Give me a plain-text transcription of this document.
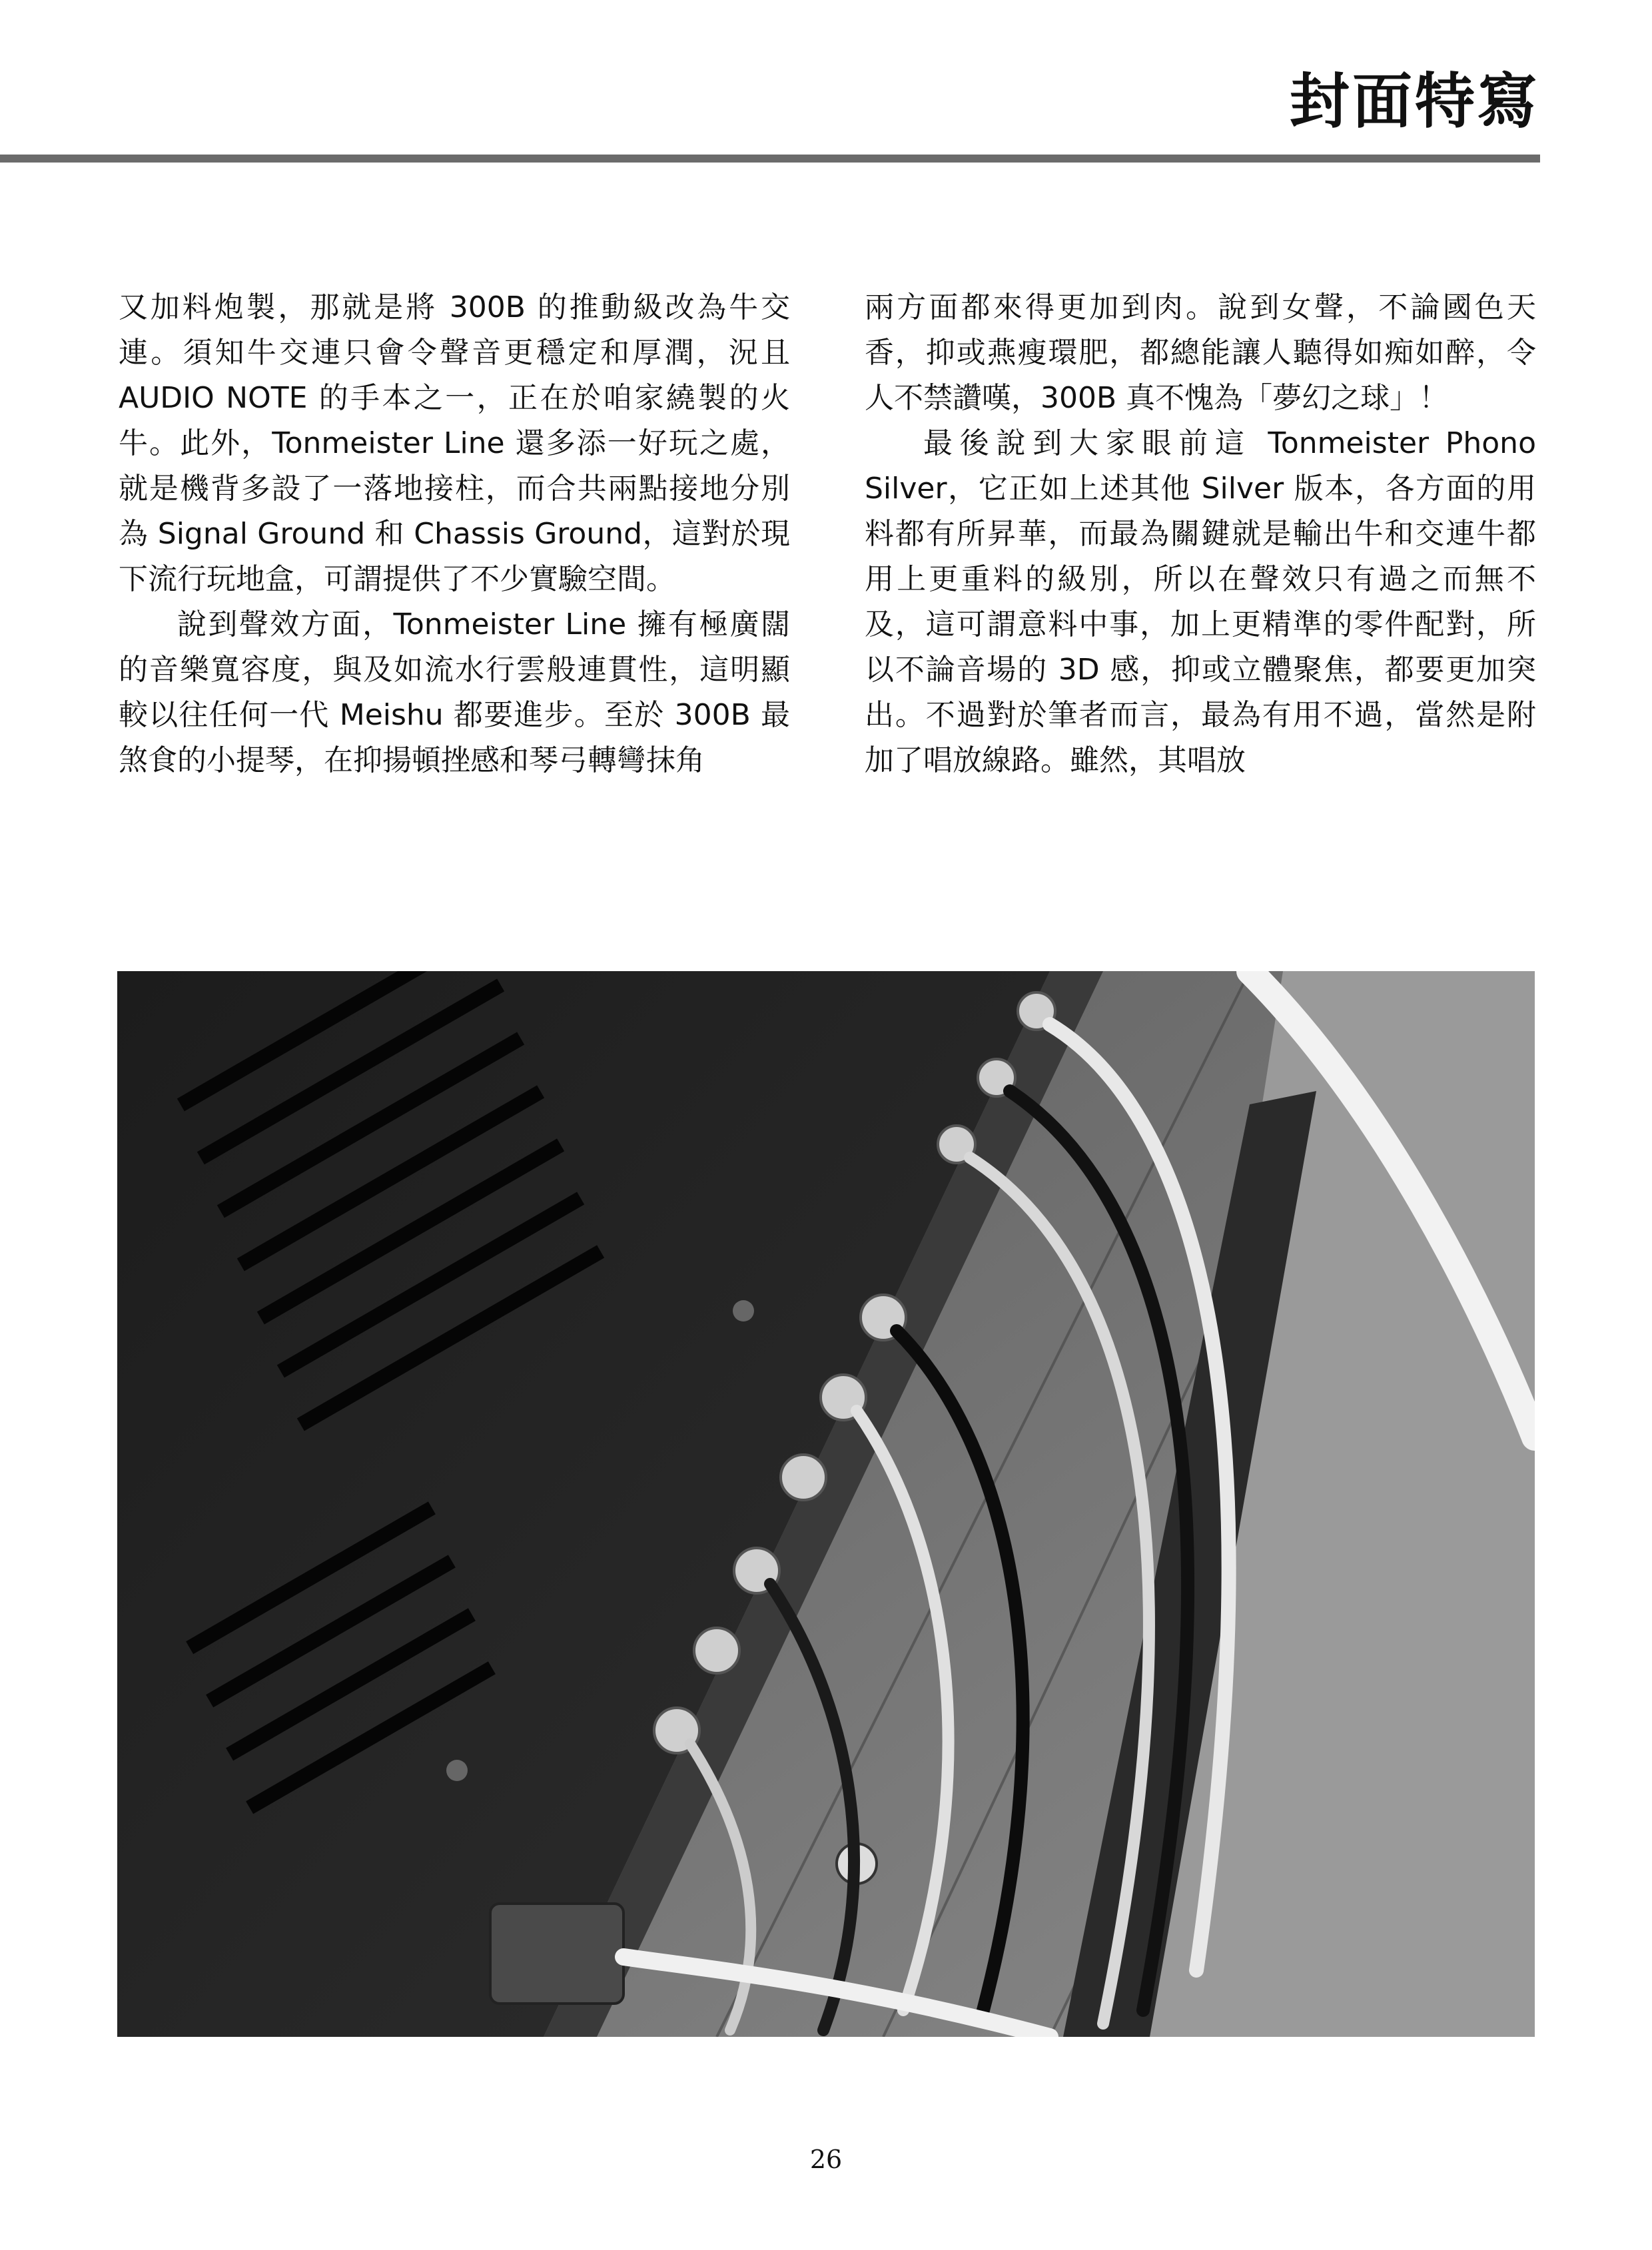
封面特寫

又加料炮製，那就是將 300B 的推動級改為牛交連。須知牛交連只會令聲音更穩定和厚潤，況且 AUDIO NOTE 的手本之一，正在於咱家繞製的火牛。此外，Tonmeister Line 還多添一好玩之處，就是機背多設了一落地接柱，而合共兩點接地分別為 Signal Ground 和 Chassis Ground，這對於現下流行玩地盒，可謂提供了不少實驗空間。

說到聲效方面，Tonmeister Line 擁有極廣闊的音樂寬容度，與及如流水行雲般連貫性，這明顯較以往任何一代 Meishu 都要進步。至於 300B 最煞食的小提琴，在抑揚頓挫感和琴弓轉彎抹角

兩方面都來得更加到肉。說到女聲，不論國色天香，抑或燕瘦環肥，都總能讓人聽得如痴如醉，令人不禁讚嘆，300B 真不愧為「夢幻之球」！

最後說到大家眼前這 Tonmeister Phono Silver，它正如上述其他 Silver 版本，各方面的用料都有所昇華，而最為關鍵就是輸出牛和交連牛都用上更重料的級別，所以在聲效只有過之而無不及，這可謂意料中事，加上更精準的零件配對，所以不論音場的 3D 感，抑或立體聚焦，都要更加突出。不過對於筆者而言，最為有用不過，當然是附加了唱放線路。雖然，其唱放

26
